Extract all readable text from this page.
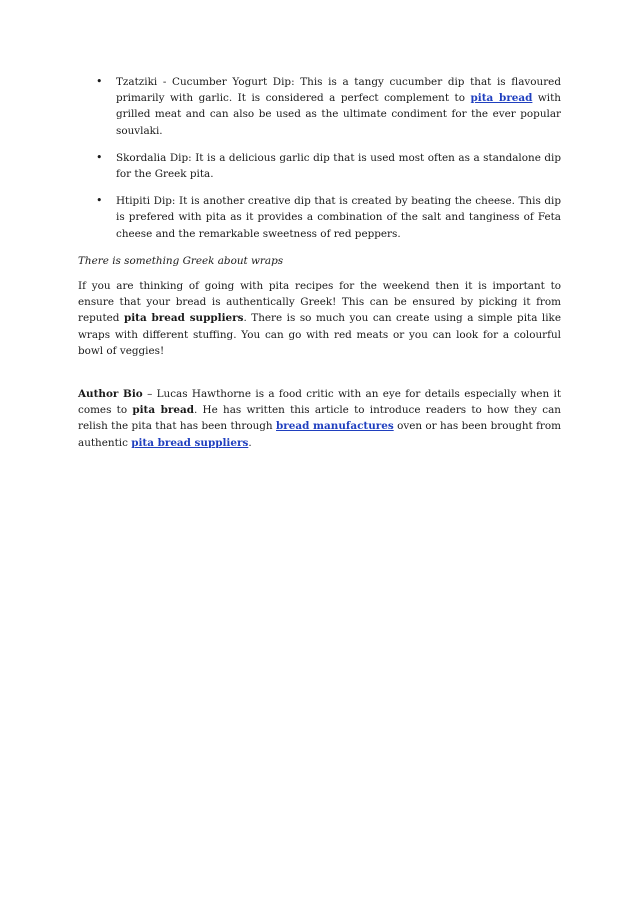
• Tzatziki - Cucumber Yogurt Dip: This is a tangy cucumber dip that is flavoured primarily with garlic. It is considered a perfect complement to pita bread with grilled meat and can also be used as the ultimate condiment for the ever popular souvlaki.
• Skordalia Dip: It is a delicious garlic dip that is used most often as a standalone dip for the Greek pita.
• Htipiti Dip: It is another creative dip that is created by beating the cheese. This dip is prefered with pita as it provides a combination of the salt and tanginess of Feta cheese and the remarkable sweetness of red peppers.

There is something Greek about wraps

If you are thinking of going with pita recipes for the weekend then it is important to ensure that your bread is authentically Greek! This can be ensured by picking it from reputed pita bread suppliers. There is so much you can create using a simple pita like wraps with different stuffing. You can go with red meats or you can look for a colourful bowl of veggies!

Author Bio – Lucas Hawthorne is a food critic with an eye for details especially when it comes to pita bread. He has written this article to introduce readers to how they can relish the pita that has been through bread manufactures oven or has been brought from authentic pita bread suppliers.
